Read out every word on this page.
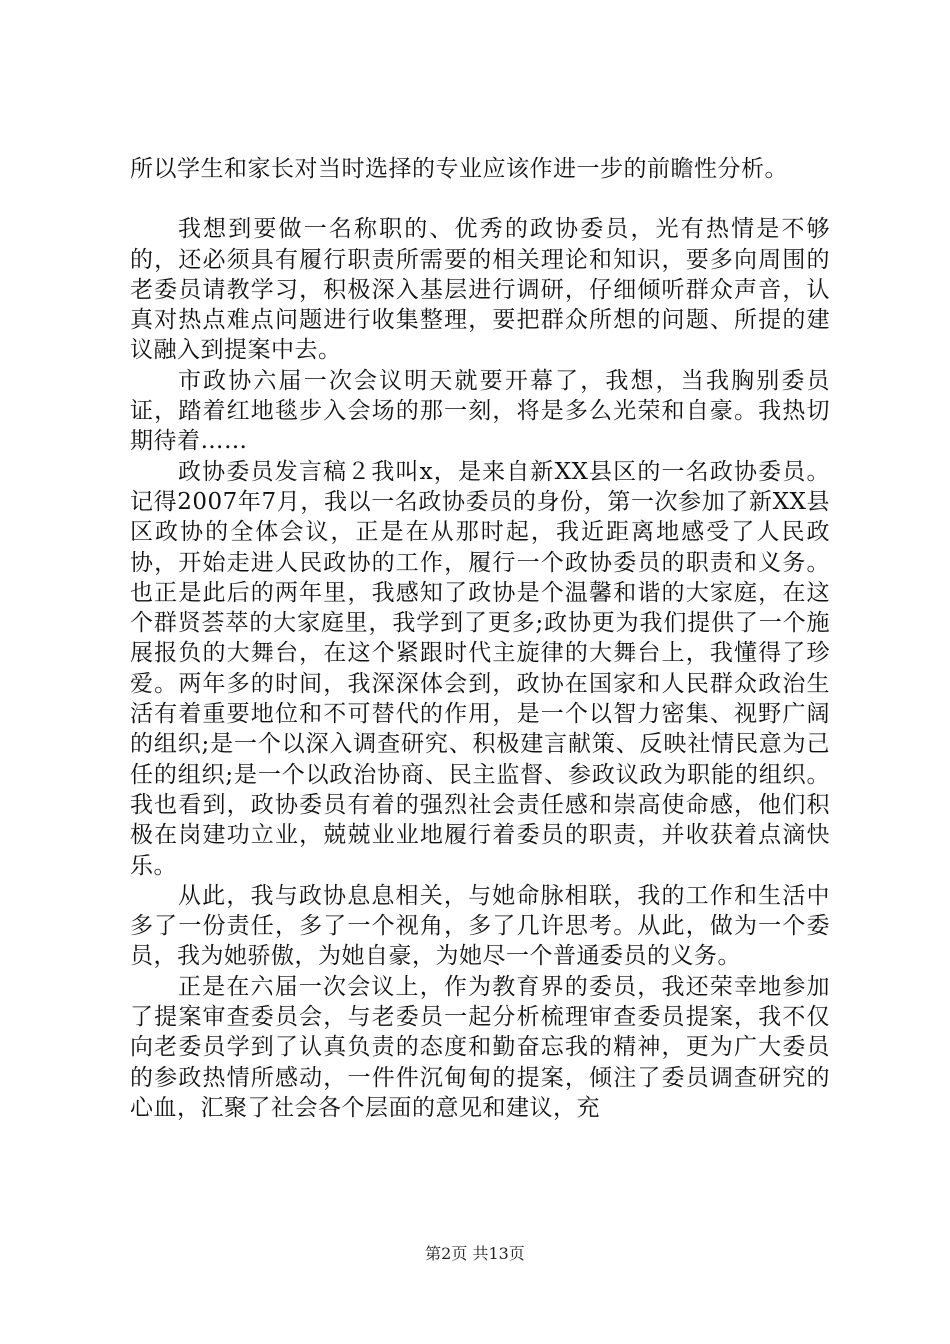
所以学生和家长对当时选择的专业应该作进一步的前瞻性分析。

我想到要做一名称职的、优秀的政协委员，光有热情是不够的，还必须具有履行职责所需要的相关理论和知识，要多向周围的老委员请教学习，积极深入基层进行调研，仔细倾听群众声音，认真对热点难点问题进行收集整理，要把群众所想的问题、所提的建议融入到提案中去。

市政协六届一次会议明天就要开幕了，我想，当我胸别委员证，踏着红地毯步入会场的那一刻，将是多么光荣和自豪。我热切期待着……

政协委员发言稿２我叫x，是来自新XX县区的一名政协委员。记得2007年7月，我以一名政协委员的身份，第一次参加了新XX县区政协的全体会议，正是在从那时起，我近距离地感受了人民政协，开始走进人民政协的工作，履行一个政协委员的职责和义务。也正是此后的两年里，我感知了政协是个温馨和谐的大家庭，在这个群贤荟萃的大家庭里，我学到了更多;政协更为我们提供了一个施展报负的大舞台，在这个紧跟时代主旋律的大舞台上，我懂得了珍爱。两年多的时间，我深深体会到，政协在国家和人民群众政治生活有着重要地位和不可替代的作用，是一个以智力密集、视野广阔的组织;是一个以深入调查研究、积极建言献策、反映社情民意为己任的组织;是一个以政治协商、民主监督、参政议政为职能的组织。我也看到，政协委员有着的强烈社会责任感和崇高使命感，他们积极在岗建功立业，兢兢业业地履行着委员的职责，并收获着点滴快乐。

从此，我与政协息息相关，与她命脉相联，我的工作和生活中多了一份责任，多了一个视角，多了几许思考。从此，做为一个委员，我为她骄傲，为她自豪，为她尽一个普通委员的义务。

正是在六届一次会议上，作为教育界的委员，我还荣幸地参加了提案审查委员会，与老委员一起分析梳理审查委员提案，我不仅向老委员学到了认真负责的态度和勤奋忘我的精神，更为广大委员的参政热情所感动，一件件沉甸甸的提案，倾注了委员调查研究的心血，汇聚了社会各个层面的意见和建议，充

第2页 共13页
